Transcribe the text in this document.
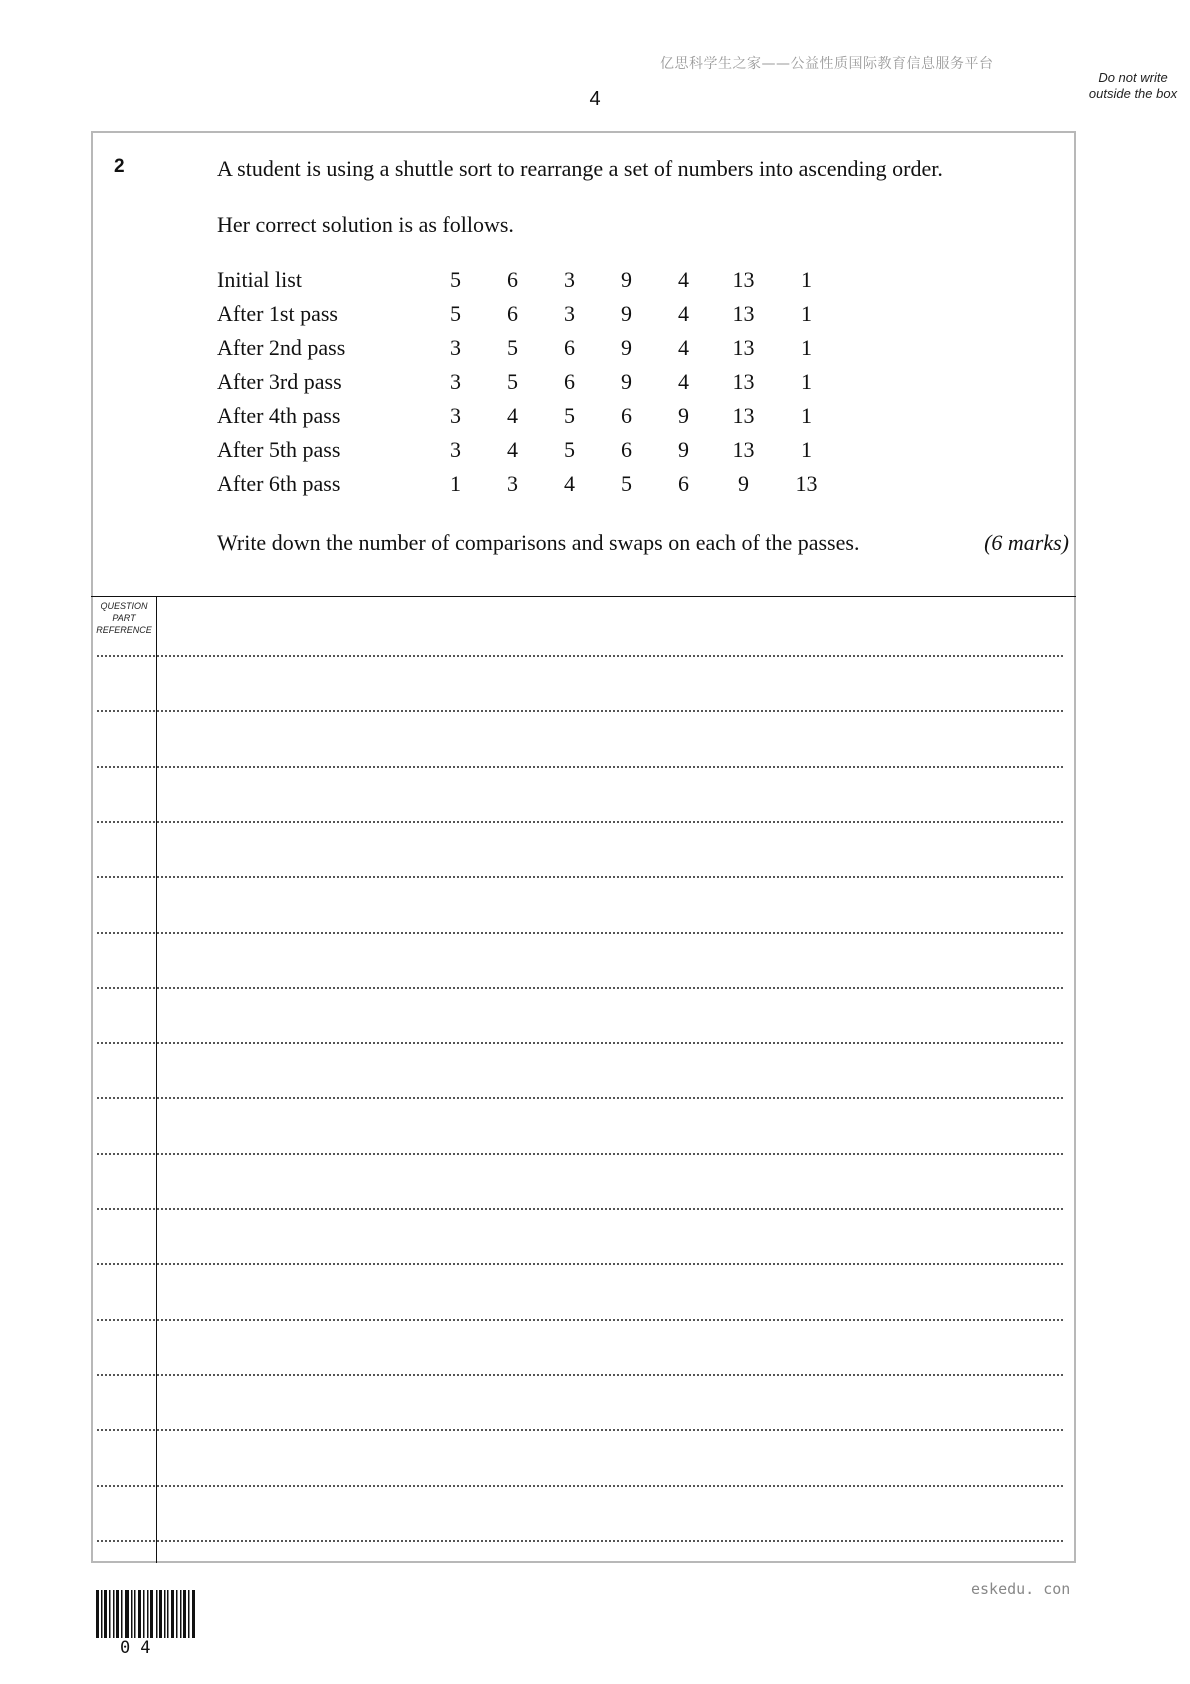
亿思科学生之家——公益性质国际教育信息服务平台
4
Do not write outside the box
2	A student is using a shuttle sort to rearrange a set of numbers into ascending order.
Her correct solution is as follows.
Initial list	5	6	3	9	4	13	1
After 1st pass	5	6	3	9	4	13	1
After 2nd pass	3	5	6	9	4	13	1
After 3rd pass	3	5	6	9	4	13	1
After 4th pass	3	4	5	6	9	13	1
After 5th pass	3	4	5	6	9	13	1
After 6th pass	1	3	4	5	6	9	13
Write down the number of comparisons and swaps on each of the passes.	(6 marks)
QUESTION PART REFERENCE
eskedu. con
04
